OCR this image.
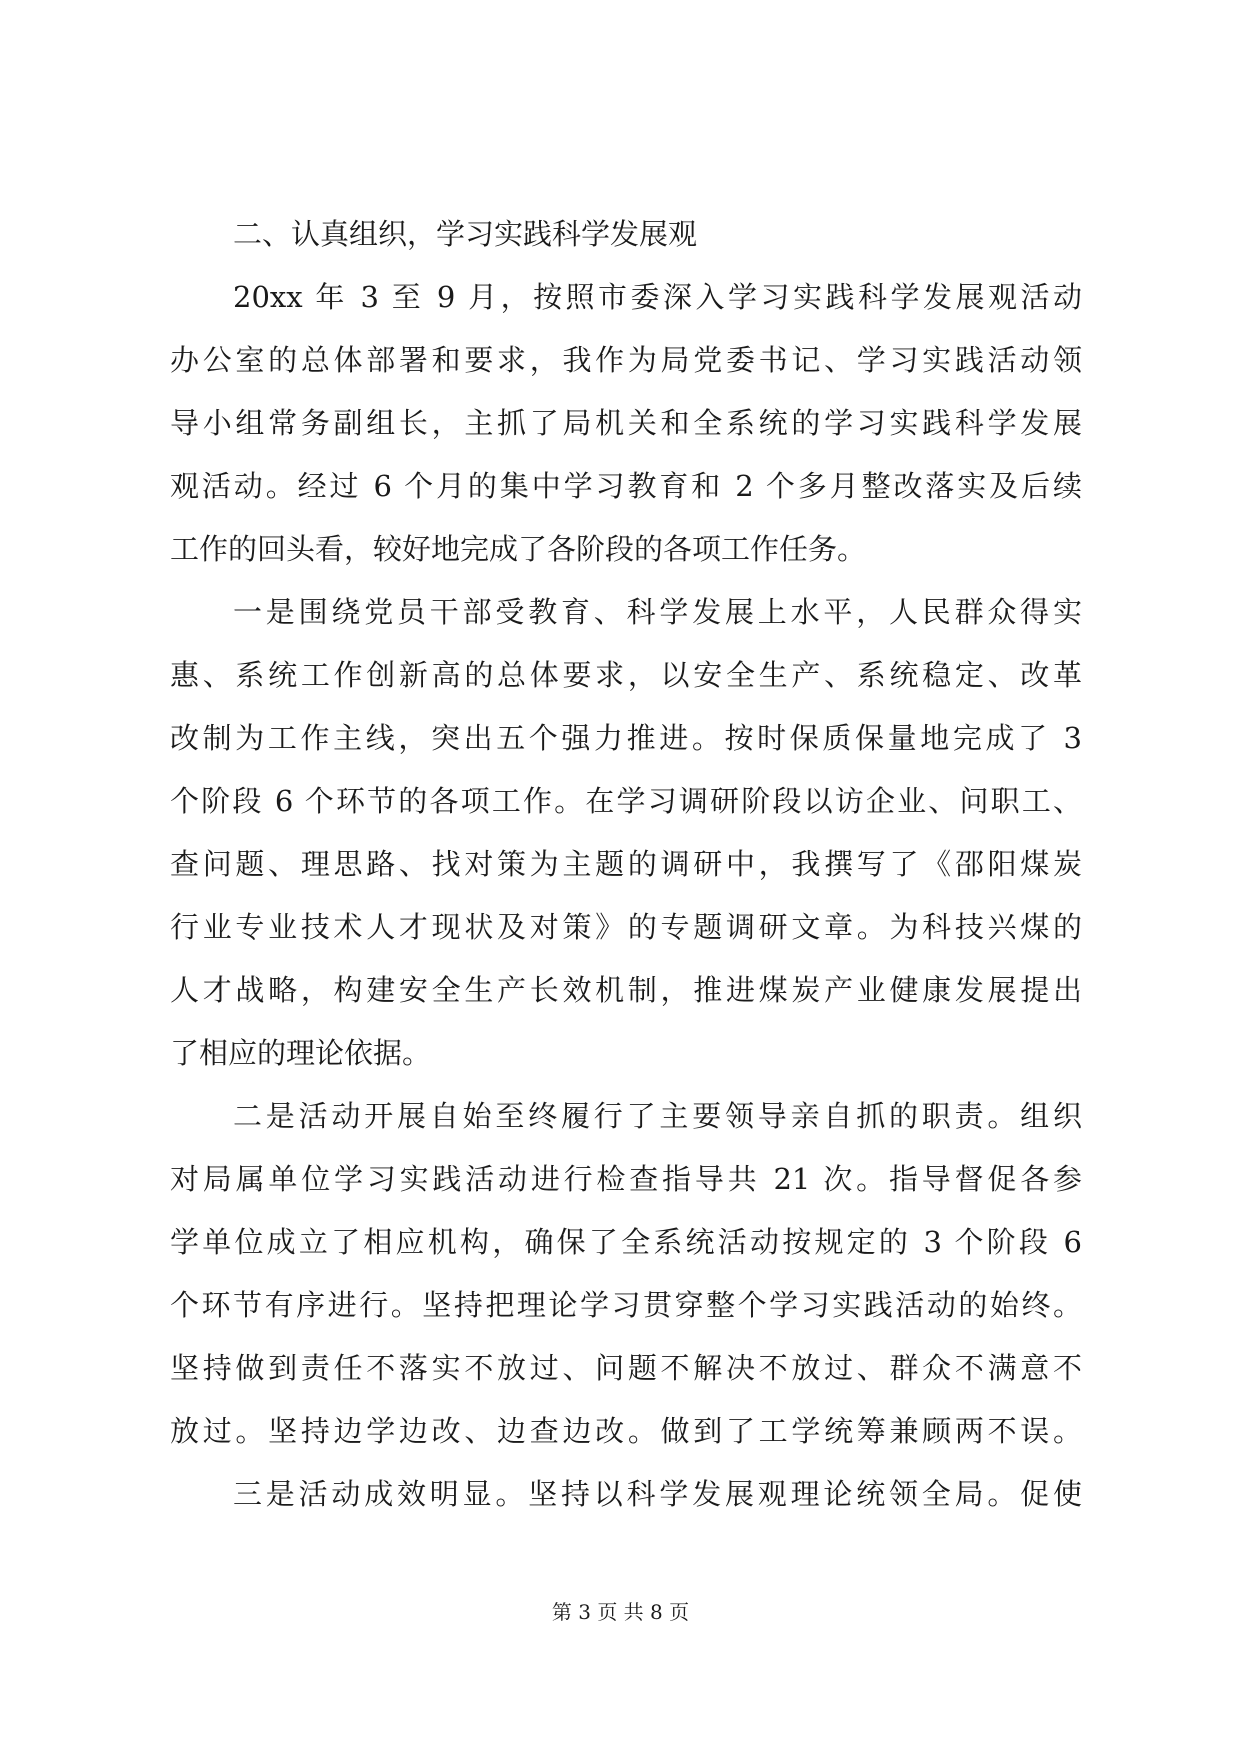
二、认真组织，学习实践科学发展观
20xx 年 3 至 9 月，按照市委深入学习实践科学发展观活动
办公室的总体部署和要求，我作为局党委书记、学习实践活动领
导小组常务副组长，主抓了局机关和全系统的学习实践科学发展
观活动。经过 6 个月的集中学习教育和 2 个多月整改落实及后续
工作的回头看，较好地完成了各阶段的各项工作任务。
一是围绕党员干部受教育、科学发展上水平，人民群众得实
惠、系统工作创新高的总体要求，以安全生产、系统稳定、改革
改制为工作主线，突出五个强力推进。按时保质保量地完成了 3
个阶段 6 个环节的各项工作。在学习调研阶段以访企业、问职工、
查问题、理思路、找对策为主题的调研中，我撰写了《邵阳煤炭
行业专业技术人才现状及对策》的专题调研文章。为科技兴煤的
人才战略，构建安全生产长效机制，推进煤炭产业健康发展提出
了相应的理论依据。
二是活动开展自始至终履行了主要领导亲自抓的职责。组织
对局属单位学习实践活动进行检查指导共 21 次。指导督促各参
学单位成立了相应机构，确保了全系统活动按规定的 3 个阶段 6
个环节有序进行。坚持把理论学习贯穿整个学习实践活动的始终。
坚持做到责任不落实不放过、问题不解决不放过、群众不满意不
放过。坚持边学边改、边查边改。做到了工学统筹兼顾两不误。
三是活动成效明显。坚持以科学发展观理论统领全局。促使
第 3 页 共 8 页
